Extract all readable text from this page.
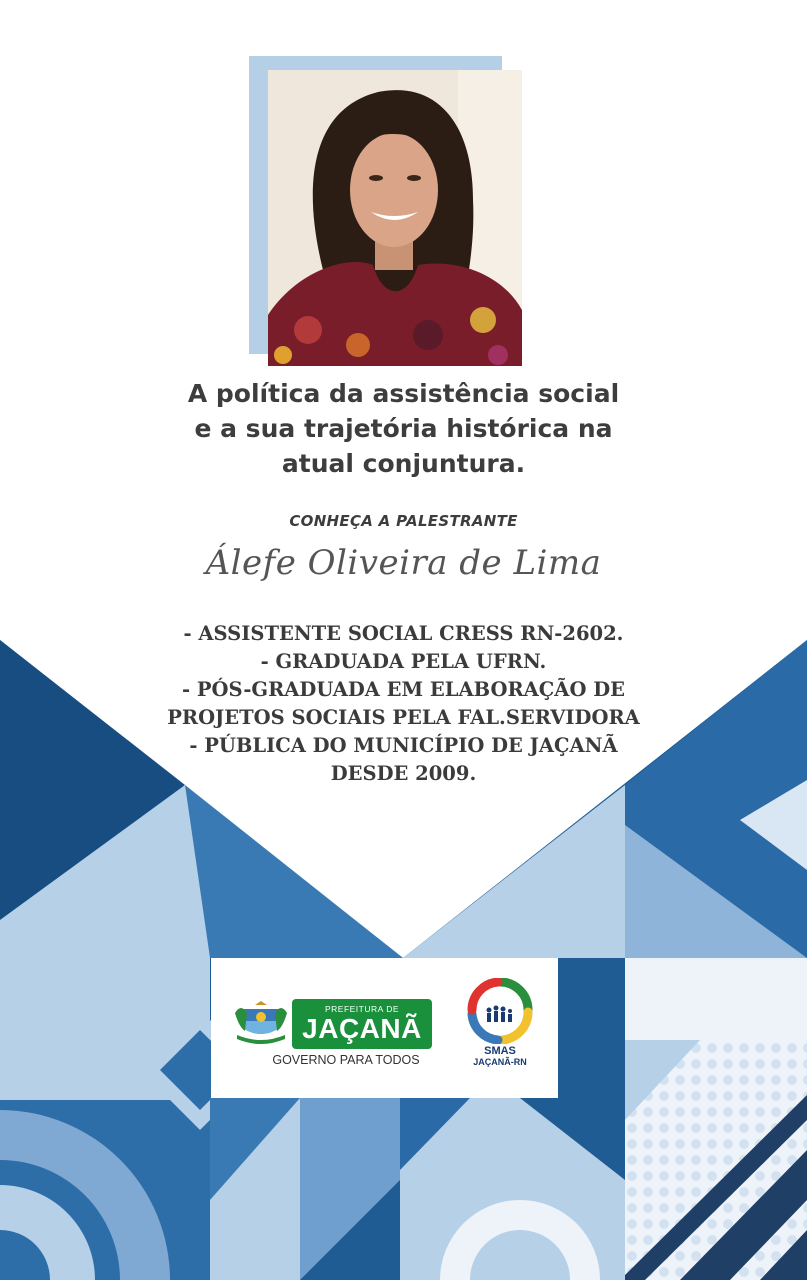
A política da assistência social
e a sua trajetória histórica na
atual conjuntura.
CONHEÇA A PALESTRANTE
Álefe Oliveira de Lima
- ASSISTENTE SOCIAL CRESS RN-2602.
- GRADUADA PELA UFRN.
- PÓS-GRADUADA EM ELABORAÇÃO DE
PROJETOS SOCIAIS PELA FAL.SERVIDORA
- PÚBLICA DO MUNICÍPIO DE JAÇANÃ
DESDE 2009.
PREFEITURA DE
JAÇANÃ
GOVERNO PARA TODOS
SMAS
JAÇANÃ-RN
